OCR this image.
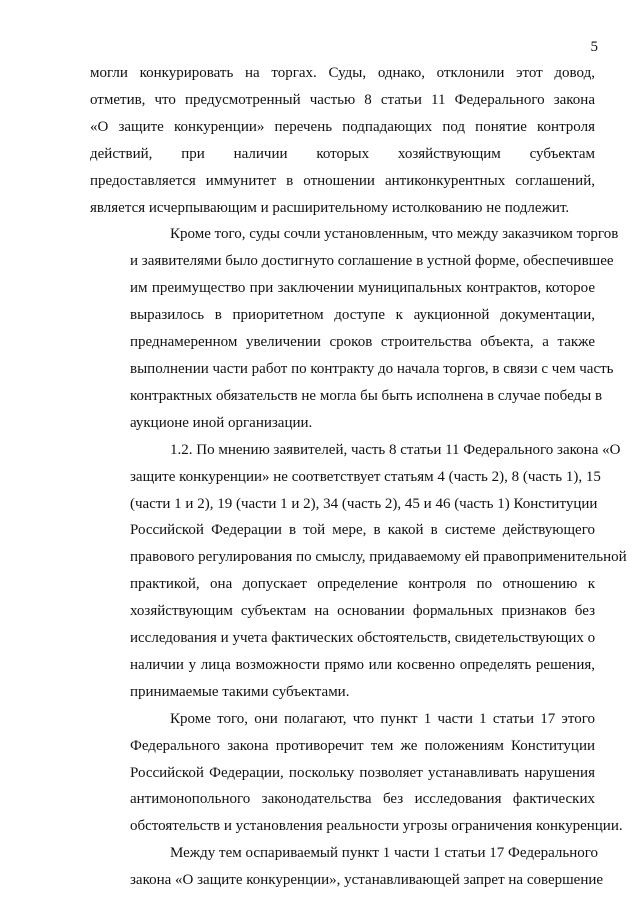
5
могли конкурировать на торгах. Суды, однако, отклонили этот довод,
отметив, что предусмотренный частью 8 статьи 11 Федерального закона
«О защите конкуренции» перечень подпадающих под понятие контроля
действий, при наличии которых хозяйствующим субъектам
предоставляется иммунитет в отношении антиконкурентных соглашений,
является исчерпывающим и расширительному истолкованию не подлежит.
Кроме того, суды сочли установленным, что между заказчиком торгов
и заявителями было достигнуто соглашение в устной форме, обеспечившее
им преимущество при заключении муниципальных контрактов, которое
выразилось в приоритетном доступе к аукционной документации,
преднамеренном увеличении сроков строительства объекта, а также
выполнении части работ по контракту до начала торгов, в связи с чем часть
контрактных обязательств не могла бы быть исполнена в случае победы в
аукционе иной организации.
1.2. По мнению заявителей, часть 8 статьи 11 Федерального закона «О
защите конкуренции» не соответствует статьям 4 (часть 2), 8 (часть 1), 15
(части 1 и 2), 19 (части 1 и 2), 34 (часть 2), 45 и 46 (часть 1) Конституции
Российской Федерации в той мере, в какой в системе действующего
правового регулирования по смыслу, придаваемому ей правоприменительной
практикой, она допускает определение контроля по отношению к
хозяйствующим субъектам на основании формальных признаков без
исследования и учета фактических обстоятельств, свидетельствующих о
наличии у лица возможности прямо или косвенно определять решения,
принимаемые такими субъектами.
Кроме того, они полагают, что пункт 1 части 1 статьи 17 этого
Федерального закона противоречит тем же положениям Конституции
Российской Федерации, поскольку позволяет устанавливать нарушения
антимонопольного законодательства без исследования фактических
обстоятельств и установления реальности угрозы ограничения конкуренции.
Между тем оспариваемый пункт 1 части 1 статьи 17 Федерального
закона «О защите конкуренции», устанавливающей запрет на совершение
